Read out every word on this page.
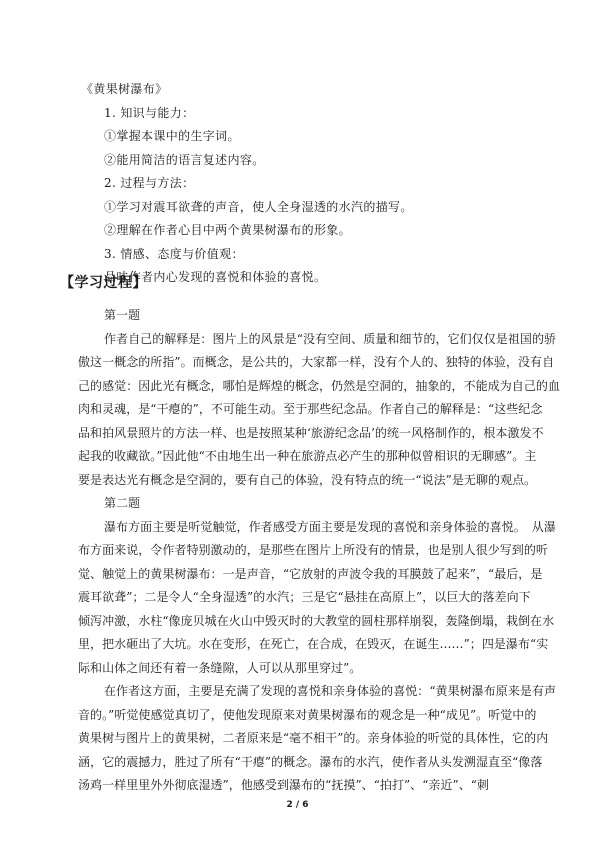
《黄果树瀑布》
1. 知识与能力：
①掌握本课中的生字词。
②能用简洁的语言复述内容。
2. 过程与方法：
①学习对震耳欲聋的声音，使人全身湿透的水汽的描写。
②理解在作者心目中两个黄果树瀑布的形象。
3. 情感、态度与价值观：
品味作者内心发现的喜悦和体验的喜悦。
【学习过程】
第一题
作者自己的解释是：图片上的风景是“没有空间、质量和细节的，它们仅仅是祖国的骄
傲这一概念的所指”。而概念，是公共的，大家都一样，没有个人的、独特的体验，没有自
己的感觉：因此光有概念，哪怕是辉煌的概念，仍然是空洞的，抽象的，不能成为自己的血
肉和灵魂，是“干瘪的”，不可能生动。至于那些纪念品。作者自己的解释是：“这些纪念
品和拍风景照片的方法一样、也是按照某种‘旅游纪念品’的统一风格制作的，根本激发不
起我的收藏欲。”因此他“不由地生出一种在旅游点必产生的那种似曾相识的无聊感”。主
要是表达光有概念是空洞的，要有自己的体验，没有特点的统一“说法”是无聊的观点。
第二题
瀑布方面主要是听觉触觉，作者感受方面主要是发现的喜悦和亲身体验的喜悦。　从瀑
布方面来说，令作者特别激动的，是那些在图片上所没有的情景，也是别人很少写到的听
觉、触觉上的黄果树瀑布：一是声音，“它放射的声波令我的耳膜鼓了起来”，“最后，是
震耳欲聋”；二是令人“全身湿透”的水汽；三是它“悬挂在高原上”，以巨大的落差向下
倾泻冲激，水柱“像庞贝城在火山中毁灭时的大教堂的圆柱那样崩裂，轰隆倒塌，栽倒在水
里，把水砸出了大坑。水在变形，在死亡，在合成，在毁灭，在诞生……”；四是瀑布“实
际和山体之间还有着一条缝隙，人可以从那里穿过”。
在作者这方面，主要是充满了发现的喜悦和亲身体验的喜悦：“黄果树瀑布原来是有声
音的。”听觉使感觉真切了，使他发现原来对黄果树瀑布的观念是一种“成见”。听觉中的
黄果树与图片上的黄果树，二者原来是“毫不相干”的。亲身体验的听觉的具体性，它的内
涵，它的震撼力，胜过了所有“干瘪”的概念。瀑布的水汽，使作者从头发溯湿直至“像落
汤鸡一样里里外外彻底湿透”，他感受到瀑布的“抚摸”、“拍打”、“亲近”、“刺
2 / 6
